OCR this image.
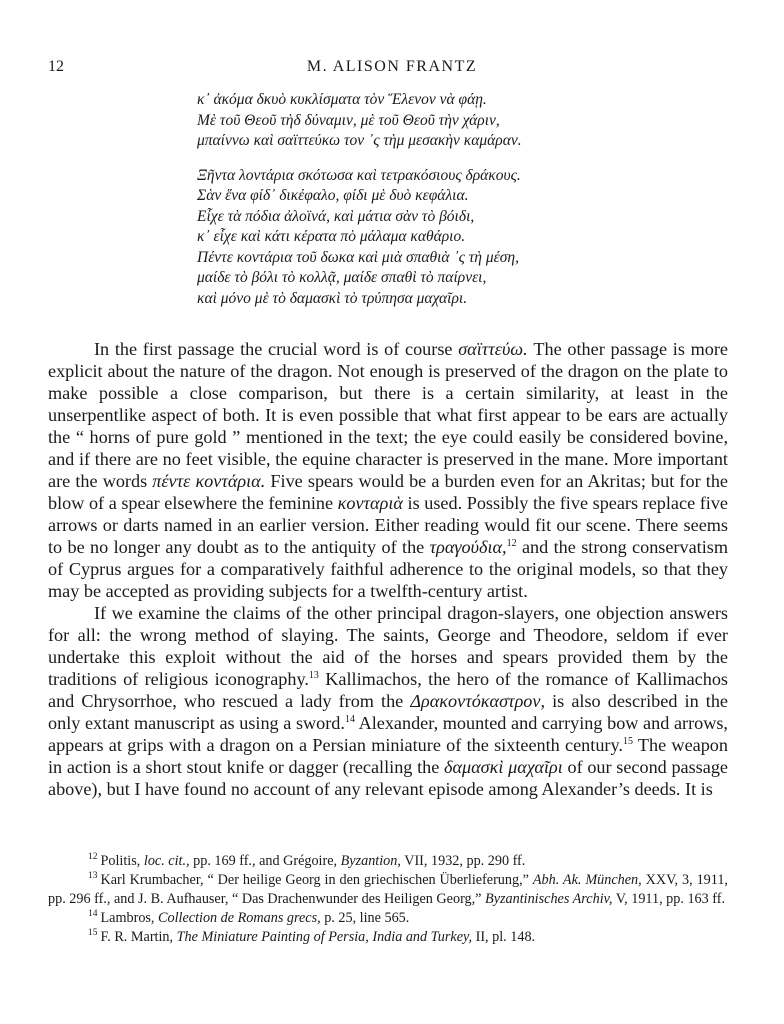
12	M. ALISON FRANTZ
κ᾽ ἀκόμα δκυὸ κυκλίσματα τὸν Ἕλενον νὰ φάῃ.
Μὲ τοῦ Θεοῦ τὴδ δύναμιν, μὲ τοῦ Θεοῦ τὴν χάριν,
μπαίννω καὶ σαϊττεύκω τον ᾽ς τὴμ μεσακὴν καμάραν.
Ξῆντα λοντάρια σκότωσα καὶ τετρακόσιους δράκους.
Σὰν ἕνα φίδ᾽ δικέφαλο, φίδι μὲ δυὸ κεφάλια.
Εἶχε τὰ πόδια ἀλοϊνά, καὶ μάτια σὰν τὸ βόιδι,
κ᾽ εἶχε καὶ κάτι κέρατα πὸ μάλαμα καθάριο.
Πέντε κοντάρια τοῦ δωκα καὶ μιὰ σπαθιὰ ᾽ς τὴ μέση,
μαίδε τὸ βόλι τὸ κολλᾷ, μαίδε σπαθὶ τὸ παίρνει,
καὶ μόνο μὲ τὸ δαμασκὶ τὸ τρύπησα μαχαῖρι.

In the first passage the crucial word is of course σαϊττεύω. The other passage is more explicit about the nature of the dragon. Not enough is preserved of the dragon on the plate to make possible a close comparison, but there is a certain similarity, at least in the unserpentlike aspect of both. It is even possible that what first appear to be ears are actually the “ horns of pure gold ” mentioned in the text; the eye could easily be considered bovine, and if there are no feet visible, the equine character is preserved in the mane. More important are the words πέντε κοντάρια. Five spears would be a burden even for an Akritas; but for the blow of a spear elsewhere the feminine κονταριὰ is used. Possibly the five spears replace five arrows or darts named in an earlier version. Either reading would fit our scene. There seems to be no longer any doubt as to the antiquity of the τραγούδια,$^{12}$ and the strong conservatism of Cyprus argues for a comparatively faithful adherence to the original models, so that they may be accepted as providing subjects for a twelfth-century artist.

If we examine the claims of the other principal dragon-slayers, one objection answers for all: the wrong method of slaying. The saints, George and Theodore, seldom if ever undertake this exploit without the aid of the horses and spears provided them by the traditions of religious iconography.$^{13}$ Kallimachos, the hero of the romance of Kallimachos and Chrysorrhoe, who rescued a lady from the Δρακοντόκαστρον, is also described in the only extant manuscript as using a sword.$^{14}$ Alexander, mounted and carrying bow and arrows, appears at grips with a dragon on a Persian miniature of the sixteenth century.$^{15}$ The weapon in action is a short stout knife or dagger (recalling the δαμασκὶ μαχαῖρι of our second passage above), but I have found no account of any relevant episode among Alexander’s deeds. It is

$^{12}$ Politis, loc. cit., pp. 169 ff., and Grégoire, Byzantion, VII, 1932, pp. 290 ff.
$^{13}$ Karl Krumbacher, “ Der heilige Georg in den griechischen Überlieferung,” Abh. Ak. München, XXV, 3, 1911, pp. 296 ff., and J. B. Aufhauser, “ Das Drachenwunder des Heiligen Georg,” Byzantinisches Archiv, V, 1911, pp. 163 ff.
$^{14}$ Lambros, Collection de Romans grecs, p. 25, line 565.
$^{15}$ F. R. Martin, The Miniature Painting of Persia, India and Turkey, II, pl. 148.
